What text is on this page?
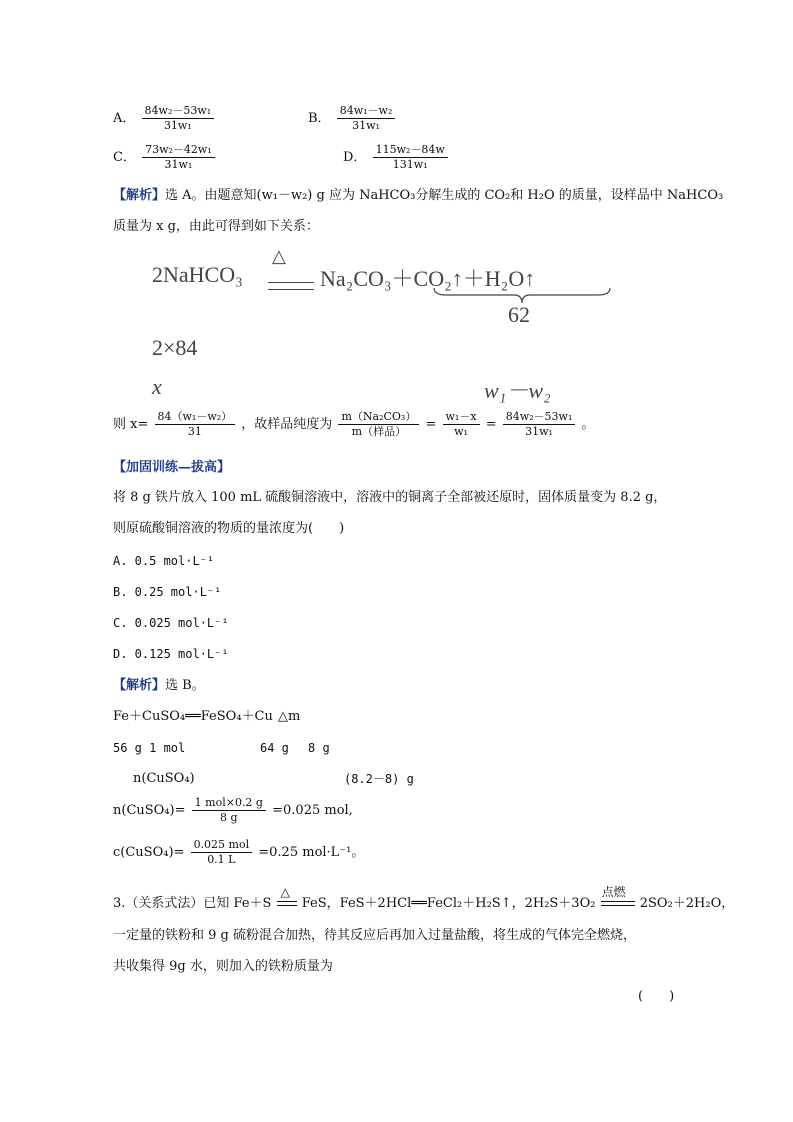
A． $\frac{\text{84w₂－53w₁}}{\text{31w₁}}$	B． $\frac{\text{84w₁－w₂}}{\text{31w₁}}$
C． $\frac{\text{73w₂－42w₁}}{\text{31w₁}}$	D． $\frac{\text{115w₂－84w}}{\text{131w₁}}$
【解析】选 A。由题意知(w₁－w₂) g 应为 NaHCO₃分解生成的 CO₂和 H₂O 的质量，设样品中 NaHCO₃
质量为 x g，由此可得到如下关系：
2NaHCO₃
△
Na₂CO₃＋CO₂↑＋H₂O↑
62
2×84
x	w₁－w₂
则 $x= \frac{\text{84（w₁－w₂）}}{31}$ ，故样品纯度为 $\frac{\text{m（Na₂CO₃）}}{\text{m（样品）}} = \frac{\text{w₁－x}}{\text{w₁}} = \frac{\text{84w₂－53w₁}}{\text{31w₁}}$ 。
【加固训练—拔高】
将 8 g 铁片放入 100 mL 硫酸铜溶液中，溶液中的铜离子全部被还原时，固体质量变为 8.2 g，
则原硫酸铜溶液的物质的量浓度为(　　)
A. 0.5 mol·L⁻¹
B. 0.25 mol·L⁻¹
C. 0.025 mol·L⁻¹
D. 0.125 mol·L⁻¹
【解析】选 B。
Fe＋CuSO₄══FeSO₄＋Cu △m
56 g 1 mol	64 g 8 g
n(CuSO₄)	(8.2－8) g
n(CuSO₄)= $\frac{\text{1 mol×0.2 g}}{8 g} =0.025$ mol,
c(CuSO₄)= $\frac{\text{0.025 mol}}{0.1 L} =0.25$ mol·L⁻¹。
3.（关系式法）已知 Fe＋S
△
FeS，FeS＋2HCl══FeCl₂＋H₂S↑，2H₂S＋3O₂
点燃
2SO₂＋2H₂O，
一定量的铁粉和 9 g 硫粉混合加热，待其反应后再加入过量盐酸，将生成的气体完全燃烧，
共收集得 9g 水，则加入的铁粉质量为
(　　)
